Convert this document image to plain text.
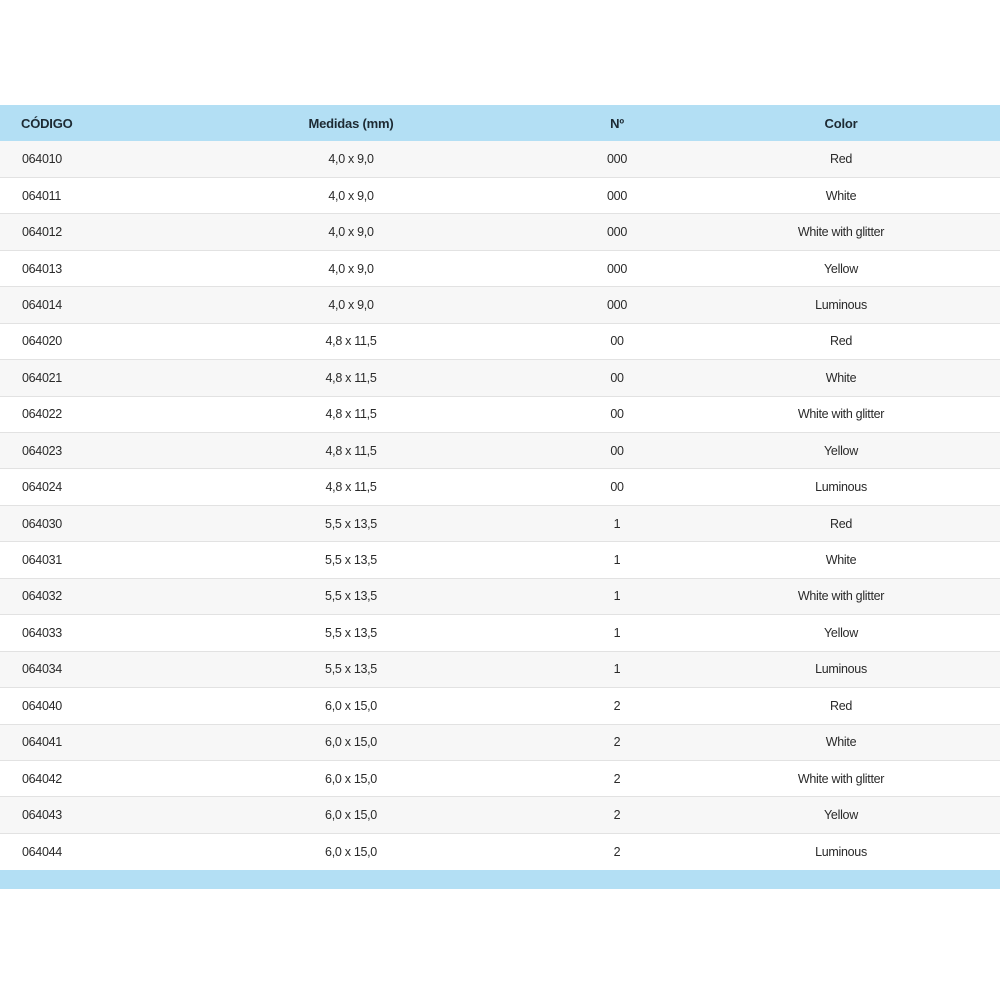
CÓDIGO	Medidas (mm)	Nº	Color
064010	4,0 x 9,0	000	Red
064011	4,0 x 9,0	000	White
064012	4,0 x 9,0	000	White with glitter
064013	4,0 x 9,0	000	Yellow
064014	4,0 x 9,0	000	Luminous
064020	4,8 x 11,5	00	Red
064021	4,8 x 11,5	00	White
064022	4,8 x 11,5	00	White with glitter
064023	4,8 x 11,5	00	Yellow
064024	4,8 x 11,5	00	Luminous
064030	5,5 x 13,5	1	Red
064031	5,5 x 13,5	1	White
064032	5,5 x 13,5	1	White with glitter
064033	5,5 x 13,5	1	Yellow
064034	5,5 x 13,5	1	Luminous
064040	6,0 x 15,0	2	Red
064041	6,0 x 15,0	2	White
064042	6,0 x 15,0	2	White with glitter
064043	6,0 x 15,0	2	Yellow
064044	6,0 x 15,0	2	Luminous
